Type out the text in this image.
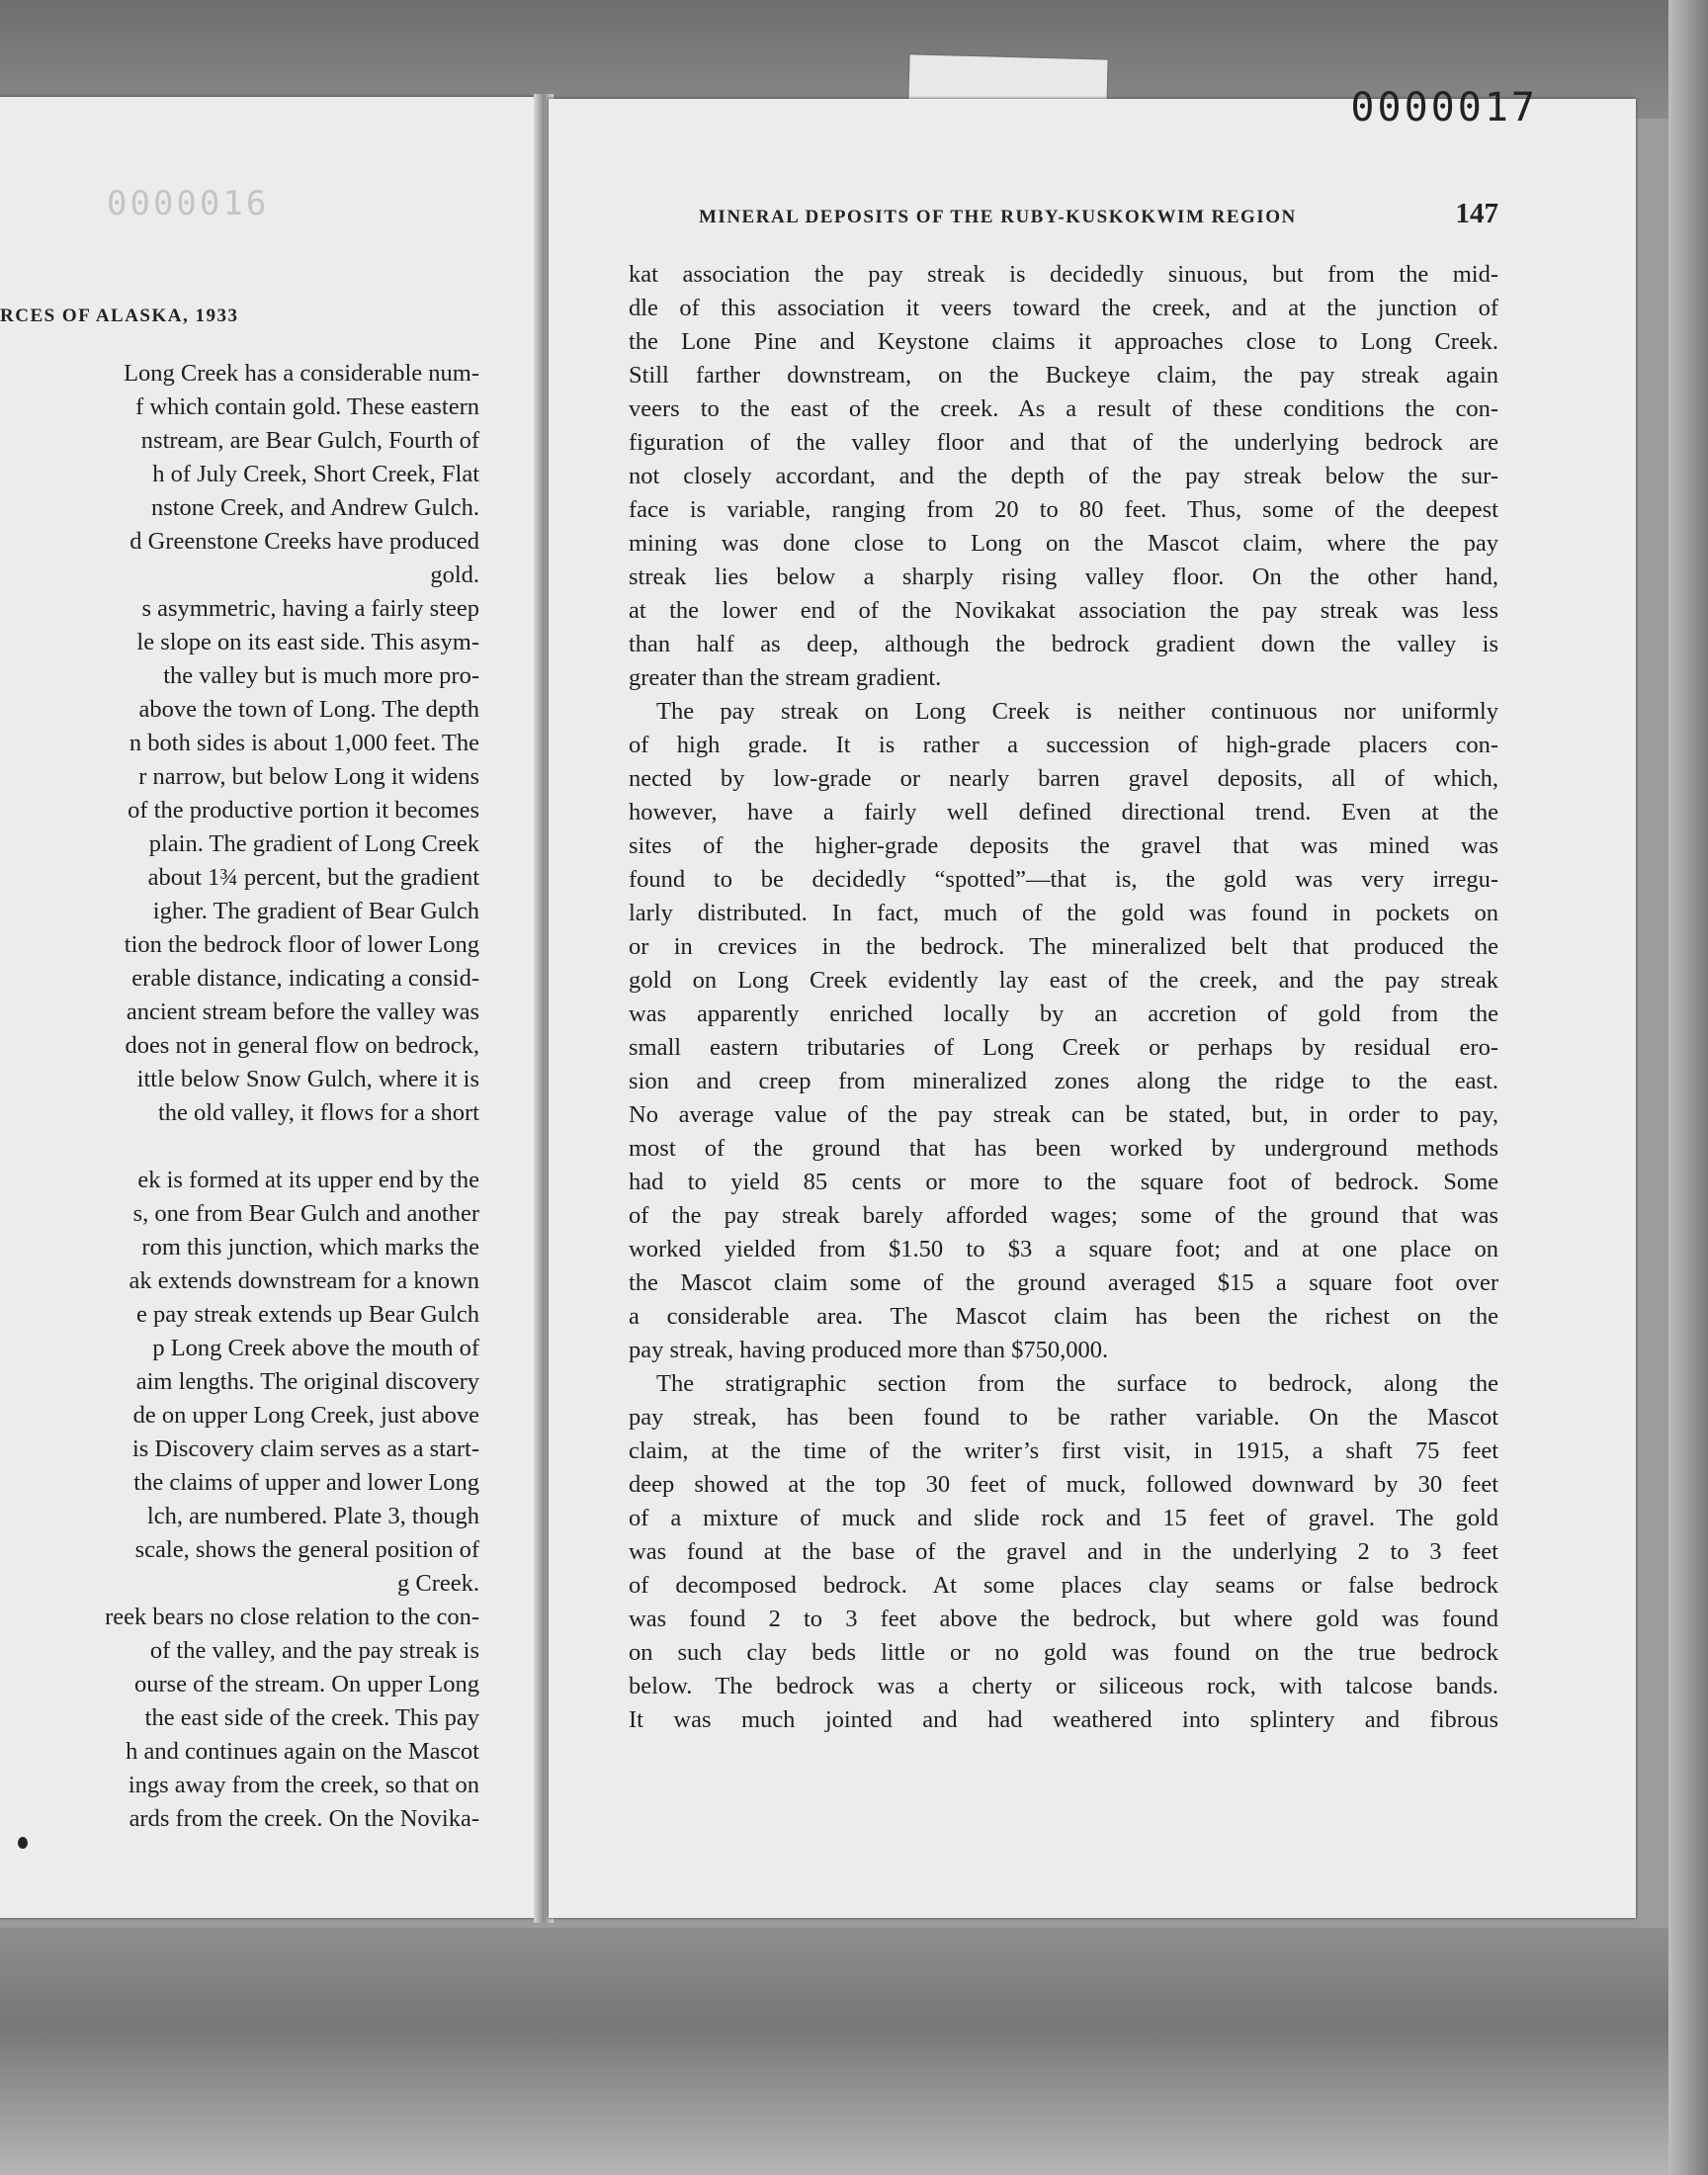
0000016
RCES OF ALASKA, 1933
Long Creek has a considerable num-
f which contain gold. These eastern
nstream, are Bear Gulch, Fourth of
h of July Creek, Short Creek, Flat
nstone Creek, and Andrew Gulch.
d Greenstone Creeks have produced
gold.
s asymmetric, having a fairly steep
le slope on its east side. This asym-
the valley but is much more pro-
above the town of Long. The depth
n both sides is about 1,000 feet. The
r narrow, but below Long it widens
of the productive portion it becomes
plain. The gradient of Long Creek
about 1¾ percent, but the gradient
igher. The gradient of Bear Gulch
tion the bedrock floor of lower Long
erable distance, indicating a consid-
ancient stream before the valley was
does not in general flow on bedrock,
ittle below Snow Gulch, where it is
the old valley, it flows for a short
ek is formed at its upper end by the
s, one from Bear Gulch and another
rom this junction, which marks the
ak extends downstream for a known
e pay streak extends up Bear Gulch
p Long Creek above the mouth of
aim lengths. The original discovery
de on upper Long Creek, just above
is Discovery claim serves as a start-
the claims of upper and lower Long
lch, are numbered. Plate 3, though
scale, shows the general position of
g Creek.
reek bears no close relation to the con-
of the valley, and the pay streak is
ourse of the stream. On upper Long
the east side of the creek. This pay
h and continues again on the Mascot
ings away from the creek, so that on
ards from the creek. On the Novika-
0000017
MINERAL DEPOSITS OF THE RUBY-KUSKOKWIM REGION	147
kat association the pay streak is decidedly sinuous, but from the mid-
dle of this association it veers toward the creek, and at the junction of
the Lone Pine and Keystone claims it approaches close to Long Creek.
Still farther downstream, on the Buckeye claim, the pay streak again
veers to the east of the creek. As a result of these conditions the con-
figuration of the valley floor and that of the underlying bedrock are
not closely accordant, and the depth of the pay streak below the sur-
face is variable, ranging from 20 to 80 feet. Thus, some of the deepest
mining was done close to Long on the Mascot claim, where the pay
streak lies below a sharply rising valley floor. On the other hand,
at the lower end of the Novikakat association the pay streak was less
than half as deep, although the bedrock gradient down the valley is
greater than the stream gradient.
The pay streak on Long Creek is neither continuous nor uniformly
of high grade. It is rather a succession of high-grade placers con-
nected by low-grade or nearly barren gravel deposits, all of which,
however, have a fairly well defined directional trend. Even at the
sites of the higher-grade deposits the gravel that was mined was
found to be decidedly “spotted”—that is, the gold was very irregu-
larly distributed. In fact, much of the gold was found in pockets on
or in crevices in the bedrock. The mineralized belt that produced the
gold on Long Creek evidently lay east of the creek, and the pay streak
was apparently enriched locally by an accretion of gold from the
small eastern tributaries of Long Creek or perhaps by residual ero-
sion and creep from mineralized zones along the ridge to the east.
No average value of the pay streak can be stated, but, in order to pay,
most of the ground that has been worked by underground methods
had to yield 85 cents or more to the square foot of bedrock. Some
of the pay streak barely afforded wages; some of the ground that was
worked yielded from $1.50 to $3 a square foot; and at one place on
the Mascot claim some of the ground averaged $15 a square foot over
a considerable area. The Mascot claim has been the richest on the
pay streak, having produced more than $750,000.
The stratigraphic section from the surface to bedrock, along the
pay streak, has been found to be rather variable. On the Mascot
claim, at the time of the writer’s first visit, in 1915, a shaft 75 feet
deep showed at the top 30 feet of muck, followed downward by 30 feet
of a mixture of muck and slide rock and 15 feet of gravel. The gold
was found at the base of the gravel and in the underlying 2 to 3 feet
of decomposed bedrock. At some places clay seams or false bedrock
was found 2 to 3 feet above the bedrock, but where gold was found
on such clay beds little or no gold was found on the true bedrock
below. The bedrock was a cherty or siliceous rock, with talcose bands.
It was much jointed and had weathered into splintery and fibrous
